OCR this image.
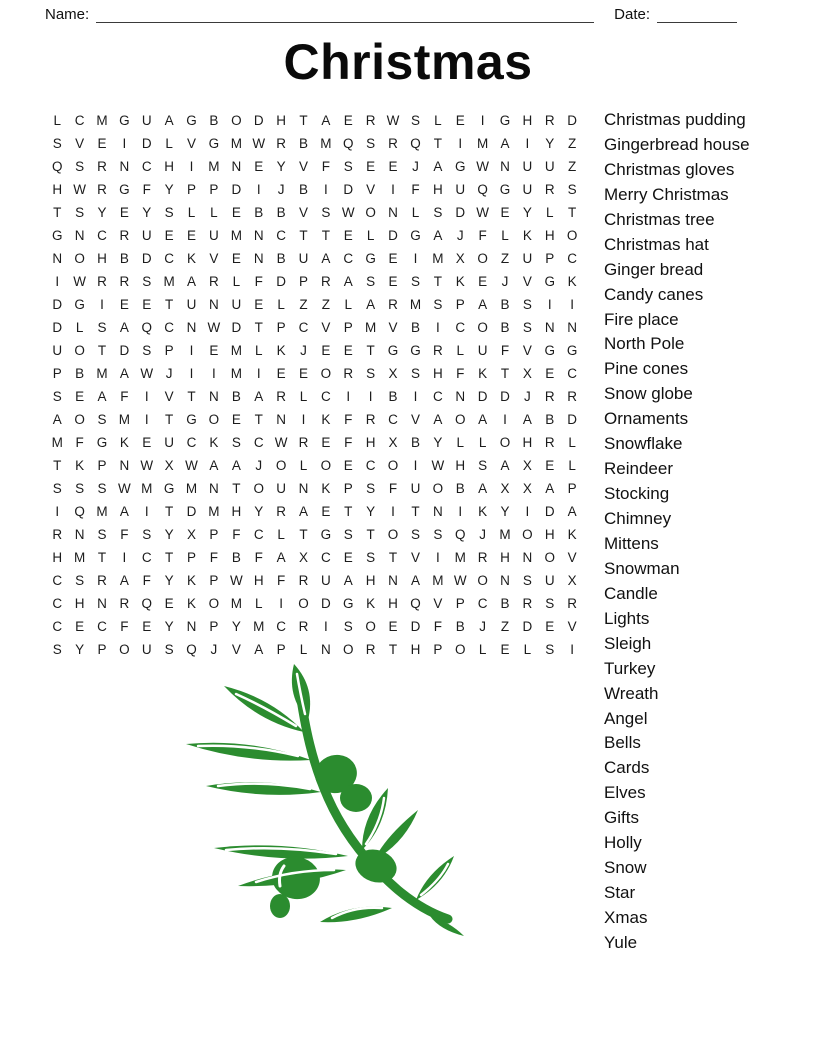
Name:	Date:
Christmas
L	C M G U A G B O D H T	A E R W S	L	E	I	G H R D
S V E	I	D	L	V G M W R B M Q S R Q T	I	M A	I	Y	Z
Q S R N C H	I	M N E Y V	F	S E E	J	A G W N U U Z
H W R G F	Y P P D	I	J	B	I	D V	I	F H U Q G U R S
T	S Y E Y S	L	L	E B B V S W O N	L	S D W E Y	L	T
G N C R U E E U M N C T	T	E	L	D G A	J	F	L	K H O
N O H B D C K V E N B U A C G E	I	M X O Z U P C
I	W R R S M A R	L	F D P R A S E S	T	K E	J	V G K
D G	I	E E	T U N U E	L	Z	Z	L	A R M S P A B S	I	I
D	L	S A Q C N W D T	P C V P M V B	I	C O B S N N
U O T D S P	I	E M L	K	J	E E	T G G R	L	U F	V G G
P B M A W J	I	I	M	I	E E O R S X S H F	K	T	X E C
S E A	F	I	V	T N B A R	L	C	I	I	B	I	C N D D	J	R R
A O S M	I	T G O E	T N	I	K	F R C V A O A	I	A B D
M F G K E U C K S C W R E	F H X B Y	L	L O H R	L
T	K P N W X W A A	J	O L O E C O	I	W H S A X E	L
S S S W M G M N T O U N K P S	F U O B A X X A P
I	Q M A	I	T D M H Y R A E	T	Y	I	T N	I	K Y	I	D A
R N S	F	S Y X P	F C	L	T G S	T O S S Q	J M O H K
H M T	I	C T	P	F	B	F	A X C E S	T	V	I	M R H N O V
C S R A	F	Y K P W H F R U A H N A M W O N S U X
C H N R Q E K O M L	I	O D G K H Q V P C B R S R
C E C F	E Y N P Y M C R	I	S O E D F	B	J	Z D E V
S Y P O U S Q	J	V A P	L	N O R T H P O L	E	L	S	I
Christmas pudding
Gingerbread house
Christmas gloves
Merry Christmas
Christmas tree
Christmas hat
Ginger bread
Candy canes
Fire place
North Pole
Pine cones
Snow globe
Ornaments
Snowflake
Reindeer
Stocking
Chimney
Mittens
Snowman
Candle
Lights
Sleigh
Turkey
Wreath
Angel
Bells
Cards
Elves
Gifts
Holly
Snow
Star
Xmas
Yule
